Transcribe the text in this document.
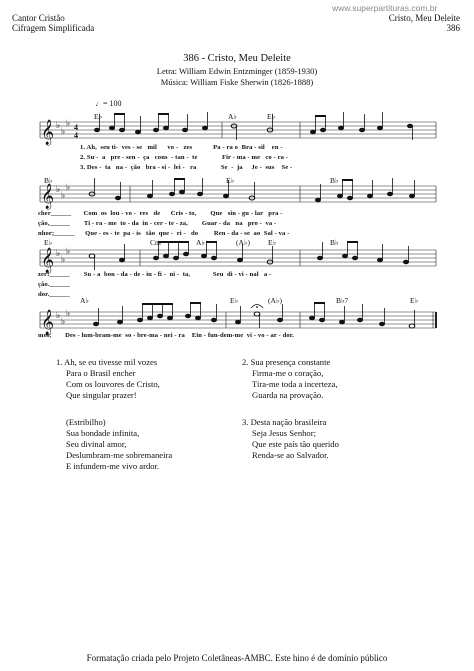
Cantor Cristão
Cifragem Simplificada
www.superpartituras.com.br
Cristo, Meu Deleite
386
386 - Cristo, Meu Deleite
Letra: William Edwin Entzminger (1859-1930)
Música: William Fiske Sherwin (1826-1888)
♩= 100
E♭	A♭	E♭
𝄞 ♭
♭
♭ 4
4
1. Ah,  seu ti-  ves - se   mil      vo -   zes            Pa - ra o  Bra - sil    en -
2. Su -  a   pre - sen -  ça   cons  - tan -  te              Fir - ma - me   co - ra -
3. Des -  ta   na -  ção   bra - si -  lei -   ra              Se  -  ja     Je -  sus    Se -
B♭	E♭	B♭
𝄞 ♭
♭
♭
cher______       Com  os  lou - vo -  res   de      Cris - to,        Que   sin - gu - lar   pra -
ção,______        Ti - ra - me  to - da  in - cer - te - za,        Guar - da   na   pro -  va -
nhor;______      Que - es - te  pa - ís   tão  que -  ri -   do         Ren - da - se  ao  Sal - va -
E♭	Cm	A♭	(A♭) E♭	B♭
𝄞 ♭
♭
♭
zer!______        Su - a  bon - da - de - in - fi -  ni -  ta,             Seu  di - vi - nal   a -
ção.______
dor.______
A♭	E♭	(A♭)	B♭7	E♭
𝄞 ♭
♭
♭
mor,        Des - lum-bram-me  so - bre-ma - nei - ra    Ein - fun-dem-me  vi - vo - ar - dor.
1. Ah, se eu tivesse mil vozes
Para o Brasil encher
Com os louvores de Cristo,
Que singular prazer!
(Estribilho)
Sua bondade infinita,
Seu divinal amor,
Deslumbram-me sobremaneira
E infundem-me vivo ardor.
2. Sua presença constante
Firma-me o coração,
Tira-me toda a incerteza,
Guarda na provação.
3. Desta nação brasileira
Seja Jesus Senhor;
Que este país tão querido
Renda-se ao Salvador.
Formatação criada pelo Projeto Coletâneas-AMBC. Este hino é de domínio público
